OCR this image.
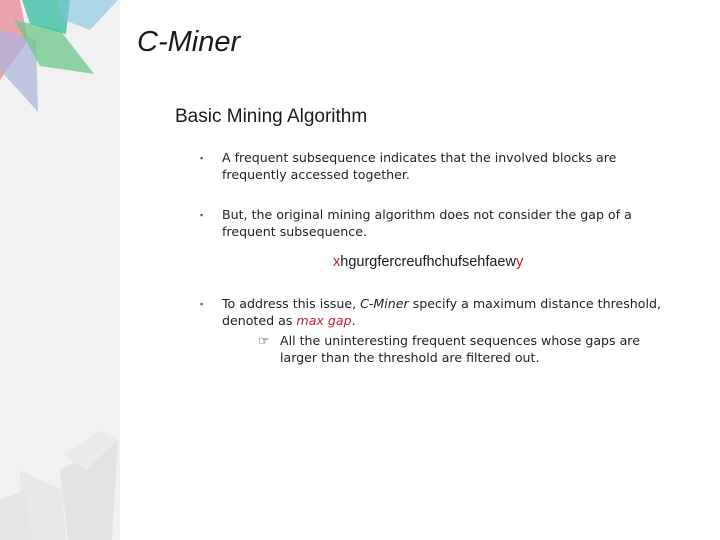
C-Miner
Basic Mining Algorithm
▪ A frequent subsequence indicates that the involved blocks are frequently accessed together.
▪ But, the original mining algorithm does not consider the gap of a frequent subsequence.
xhgurgfercreufhchufsehfaewy
▪ To address this issue, C-Miner specify a maximum distance threshold, denoted as max gap.
☞ All the uninteresting frequent sequences whose gaps are larger than the threshold are filtered out.
